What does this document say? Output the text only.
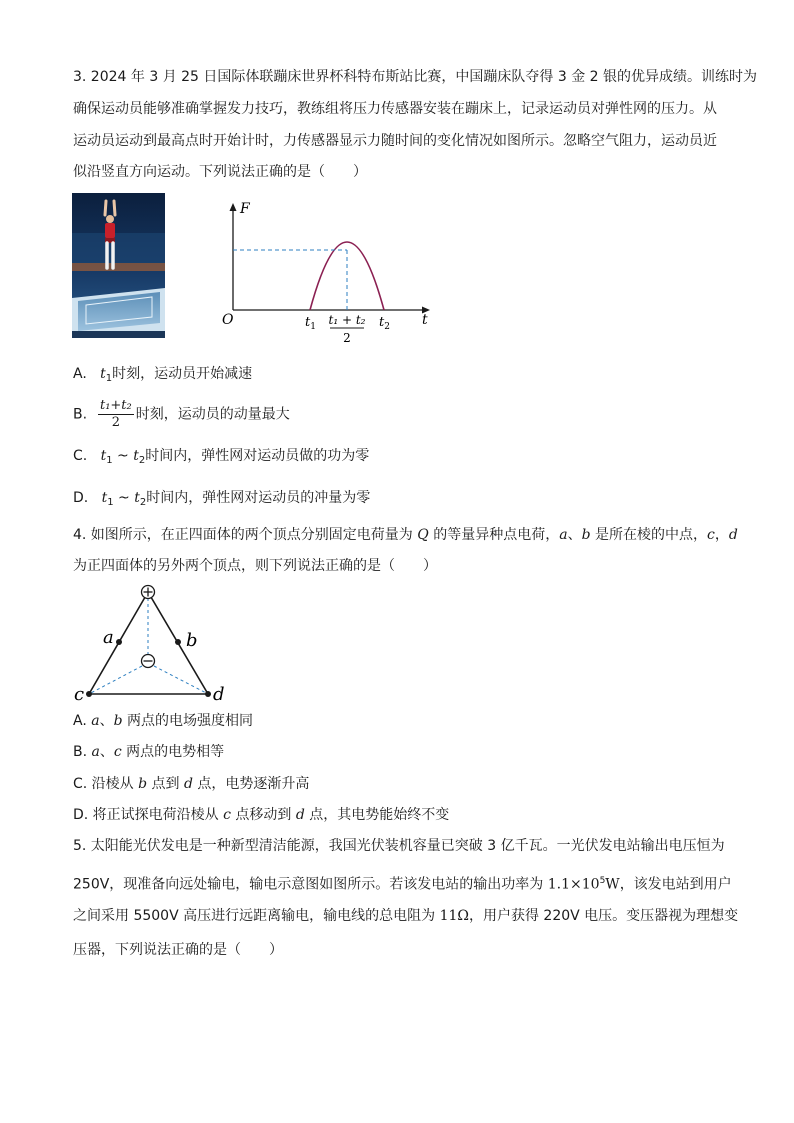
3. 2024 年 3 月 25 日国际体联蹦床世界杯科特布斯站比赛，中国蹦床队夺得 3 金 2 银的优异成绩。训练时为
确保运动员能够准确掌握发力技巧，教练组将压力传感器安装在蹦床上，记录运动员对弹性网的压力。从
运动员运动到最高点时开始计时，力传感器显示力随时间的变化情况如图所示。忽略空气阻力，运动员近
似沿竖直方向运动。下列说法正确的是（　　）
F
t
O	$t_1$	$t_2$
t₁ + t₂
2
A. $t_1$时刻，运动员开始减速
B. $\frac{\text{t₁+t₂}}{2}$ 时刻，运动员的动量最大
C. $t_1$ ~ $t_2$时间内，弹性网对运动员做的功为零
D. $t_1$ ~ $t_2$时间内，弹性网对运动员的冲量为零
4. 如图所示，在正四面体的两个顶点分别固定电荷量为 Q 的等量异种点电荷，a、b 是所在棱的中点，c，d
为正四面体的另外两个顶点，则下列说法正确的是（　　）
a	b
c	d
A. a、b 两点的电场强度相同
B. a、c 两点的电势相等
C. 沿棱从 b 点到 d 点，电势逐渐升高
D. 将正试探电荷沿棱从 c 点移动到 d 点，其电势能始终不变
5. 太阳能光伏发电是一种新型清洁能源，我国光伏装机容量已突破 3 亿千瓦。一光伏发电站输出电压恒为
250V，现准备向远处输电，输电示意图如图所示。若该发电站的输出功率为 $1.1\times 10^5W$，该发电站到用户
之间采用 5500V 高压进行远距离输电，输电线的总电阻为 11Ω，用户获得 220V 电压。变压器视为理想变
压器，下列说法正确的是（　　）
